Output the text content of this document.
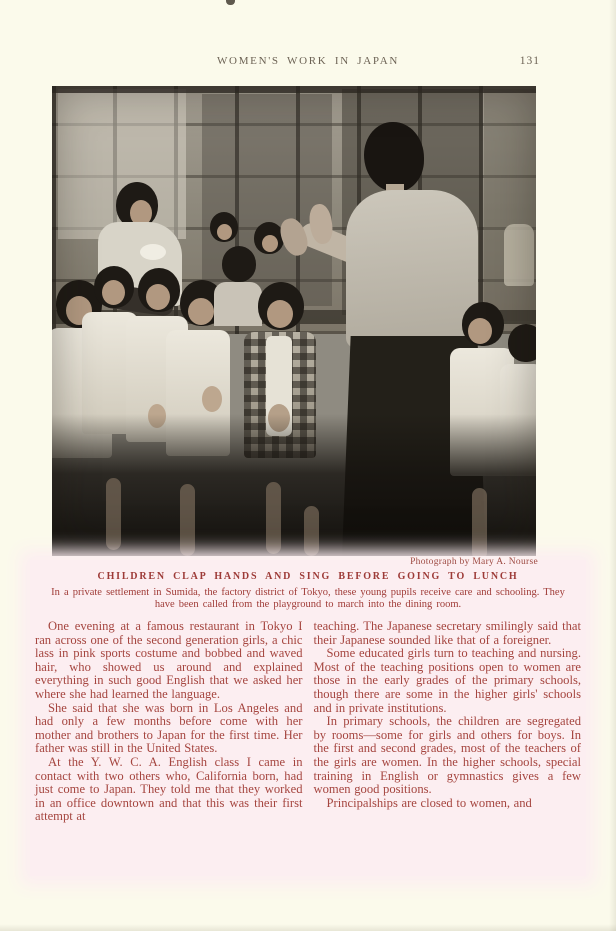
WOMEN'S WORK IN JAPAN	131
Photograph by Mary A. Nourse
CHILDREN CLAP HANDS AND SING BEFORE GOING TO LUNCH
In a private settlement in Sumida, the factory district of Tokyo, these young pupils receive care and schooling. They have been called from the playground to march into the dining room.

One evening at a famous restaurant in Tokyo I ran across one of the second generation girls, a chic lass in pink sports costume and bobbed and waved hair, who showed us around and explained everything in such good English that we asked her where she had learned the language.

She said that she was born in Los Angeles and had only a few months before come with her mother and brothers to Japan for the first time. Her father was still in the United States.

At the Y. W. C. A. English class I came in contact with two others who, California born, had just come to Japan. They told me that they worked in an office downtown and that this was their first attempt at

teaching. The Japanese secretary smilingly said that their Japanese sounded like that of a foreigner.

Some educated girls turn to teaching and nursing. Most of the teaching positions open to women are those in the early grades of the primary schools, though there are some in the higher girls' schools and in private institutions.

In primary schools, the children are segregated by rooms—some for girls and others for boys. In the first and second grades, most of the teachers of the girls are women. In the higher schools, special training in English or gymnastics gives a few women good positions.

Principalships are closed to women, and
